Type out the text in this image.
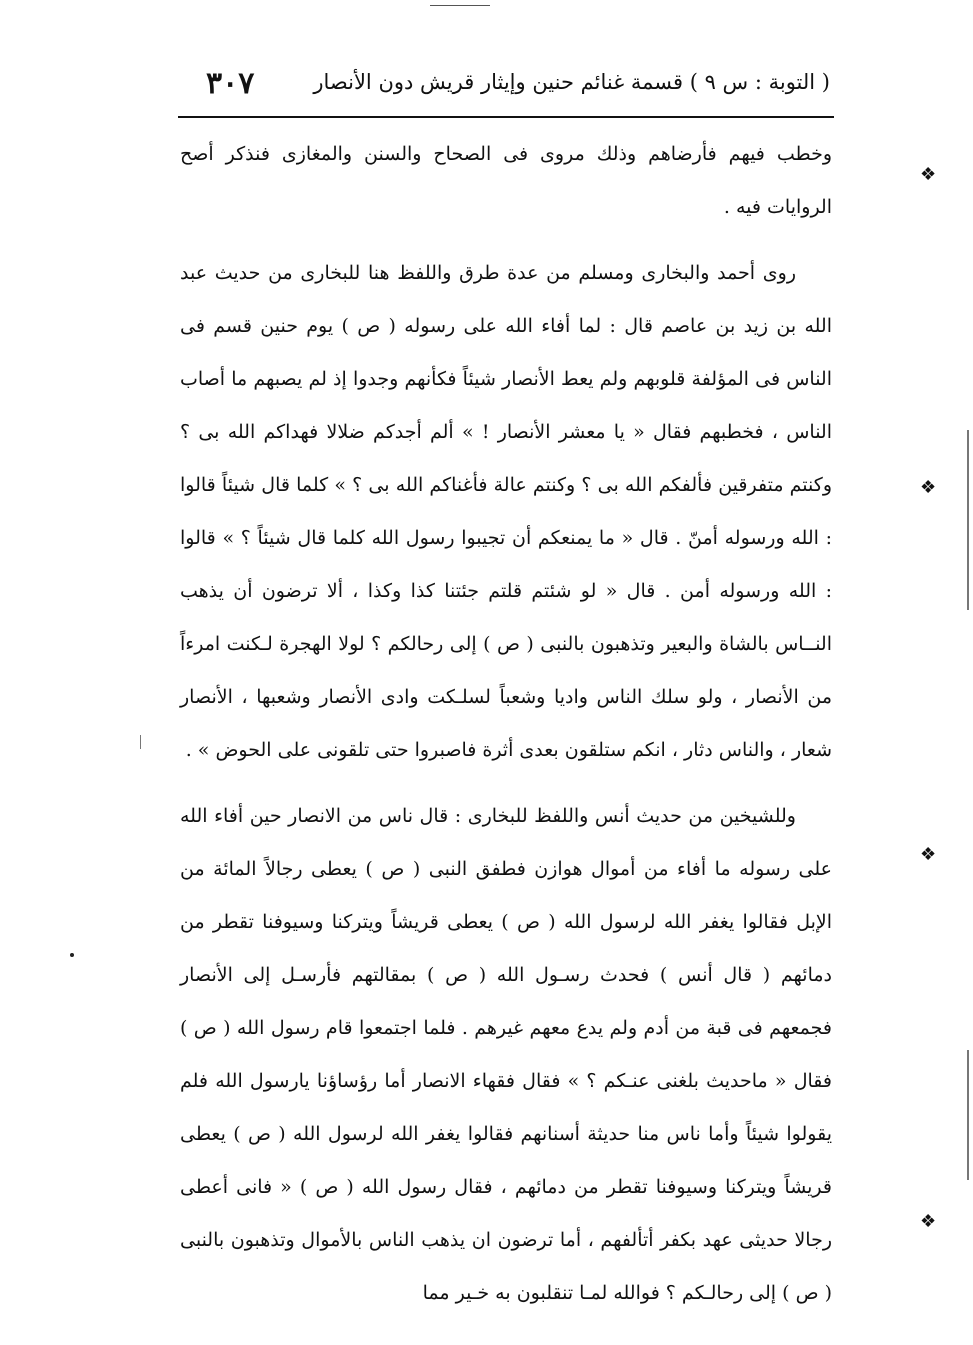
( التوبة : س ٩ ) قسمة غنائم حنين وإيثار قريش دون الأنصار
٣٠٧

وخطب فيهم فأرضاهم وذلك مروى فى الصحاح والسنن والمغازى فنذكر أصح الروايات فيه .

روى أحمد والبخارى ومسلم من عدة طرق واللفظ هنا للبخارى من حديث عبد الله بن زيد بن عاصم قال : لما أفاء الله على رسوله ( ص ) يوم حنين قسم فى الناس فى المؤلفة قلوبهم ولم يعط الأنصار شيئاً فكأنهم وجدوا إذ لم يصبهم ما أصاب الناس ، فخطبهم فقال « يا معشر الأنصار ! » ألم أجدكم ضلالا فهداكم الله بى ؟ وكنتم متفرقين فألفكم الله بى ؟ وكنتم عالة فأغناكم الله بى ؟ » كلما قال شيئاً قالوا : الله ورسوله أمنّ . قال « ما يمنعكم أن تجيبوا رسول الله كلما قال شيئاً ؟ » قالوا : الله ورسوله أمن . قال « لو شئتم قلتم جئتنا كذا وكذا ، ألا ترضون أن يذهب النــاس بالشاة والبعير وتذهبون بالنبى ( ص ) إلى رحالكم ؟ لولا الهجرة لـكنت امرءاً من الأنصار ، ولو سلك الناس واديا وشعباً لسلـكت وادى الأنصار وشعبها ، الأنصار شعار ، والناس دثار ، انكم ستلقون بعدى أثرة فاصبروا حتى تلقونى على الحوض » .

وللشيخين من حديث أنس واللفظ للبخارى : قال ناس من الانصار حين أفاء الله على رسوله ما أفاء من أموال هوازن فطفق النبى ( ص ) يعطى رجالاً المائة من الإبل فقالوا يغفر الله لرسول الله ( ص ) يعطى قريشاً ويتركنا وسيوفنا تقطر من دمائهم ( قال أنس ) فحدث رسـول الله ( ص ) بمقالتهم فأرسـل إلى الأنصار فجمعهم فى قبة من أدم ولم يدع معهم غيرهم . فلما اجتمعوا قام رسول الله ( ص ) فقال « ماحديث بلغنى عنـكم ؟ » فقال فقهاء الانصار أما رؤساؤنا يارسول الله فلم يقولوا شيئاً وأما ناس منا حديثة أسنانهم فقالوا يغفر الله لرسول الله ( ص ) يعطى قريشاً ويتركنا وسيوفنا تقطر من دمائهم ، فقال رسول الله ( ص ) « فانى أعطى رجالا حديثى عهد بكفر أتألفهم ، أما ترضون ان يذهب الناس بالأموال وتذهبون بالنبى ( ص ) إلى رحالـكم ؟ فوالله لمـا تنقلبون به خـير مما

❖
❖
❖
❖
